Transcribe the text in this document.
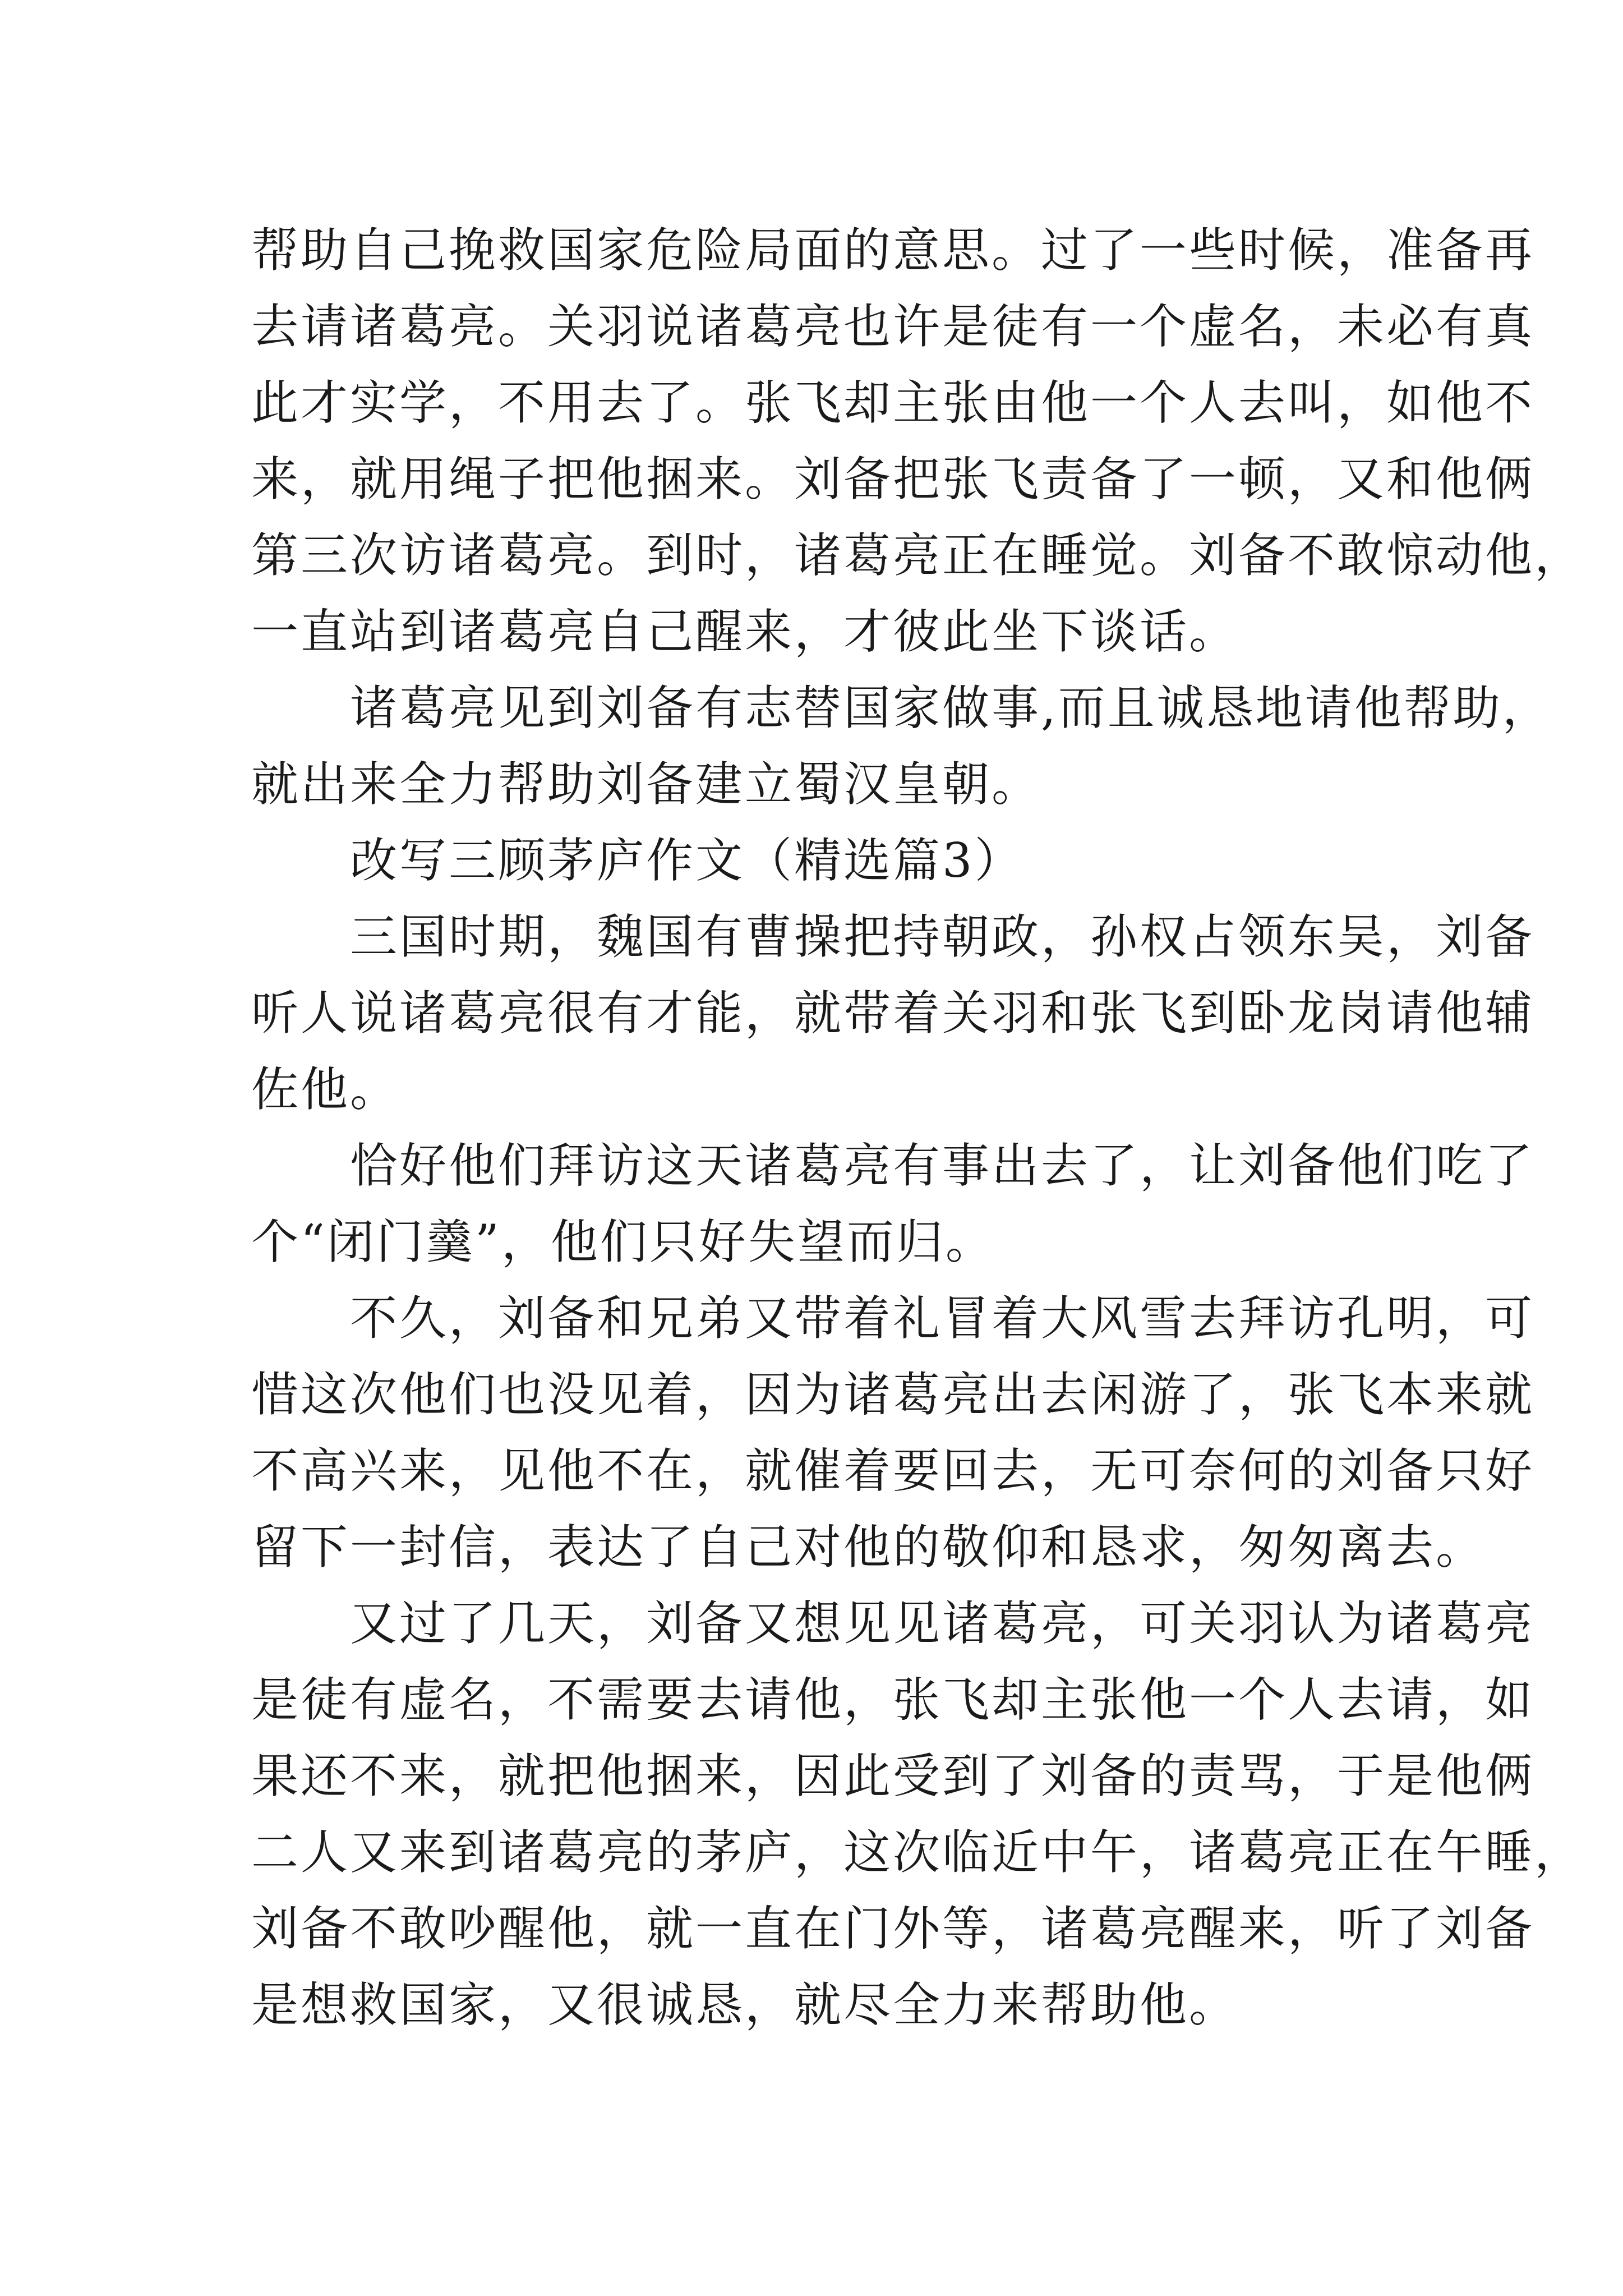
帮助自己挽救国家危险局面的意思。过了一些时候，准备再
去请诸葛亮。关羽说诸葛亮也许是徒有一个虚名，未必有真
此才实学，不用去了。张飞却主张由他一个人去叫，如他不
来，就用绳子把他捆来。刘备把张飞责备了一顿，又和他俩
第三次访诸葛亮。到时，诸葛亮正在睡觉。刘备不敢惊动他，
一直站到诸葛亮自己醒来，才彼此坐下谈话。
诸葛亮见到刘备有志替国家做事,而且诚恳地请他帮助，
就出来全力帮助刘备建立蜀汉皇朝。
改写三顾茅庐作文（精选篇3）
三国时期，魏国有曹操把持朝政，孙权占领东吴，刘备
听人说诸葛亮很有才能，就带着关羽和张飞到卧龙岗请他辅
佐他。
恰好他们拜访这天诸葛亮有事出去了，让刘备他们吃了
个“闭门羹”，他们只好失望而归。
不久，刘备和兄弟又带着礼冒着大风雪去拜访孔明，可
惜这次他们也没见着，因为诸葛亮出去闲游了，张飞本来就
不高兴来，见他不在，就催着要回去，无可奈何的刘备只好
留下一封信，表达了自己对他的敬仰和恳求，匆匆离去。
又过了几天，刘备又想见见诸葛亮，可关羽认为诸葛亮
是徒有虚名，不需要去请他，张飞却主张他一个人去请，如
果还不来，就把他捆来，因此受到了刘备的责骂，于是他俩
二人又来到诸葛亮的茅庐，这次临近中午，诸葛亮正在午睡，
刘备不敢吵醒他，就一直在门外等，诸葛亮醒来，听了刘备
是想救国家，又很诚恳，就尽全力来帮助他。
